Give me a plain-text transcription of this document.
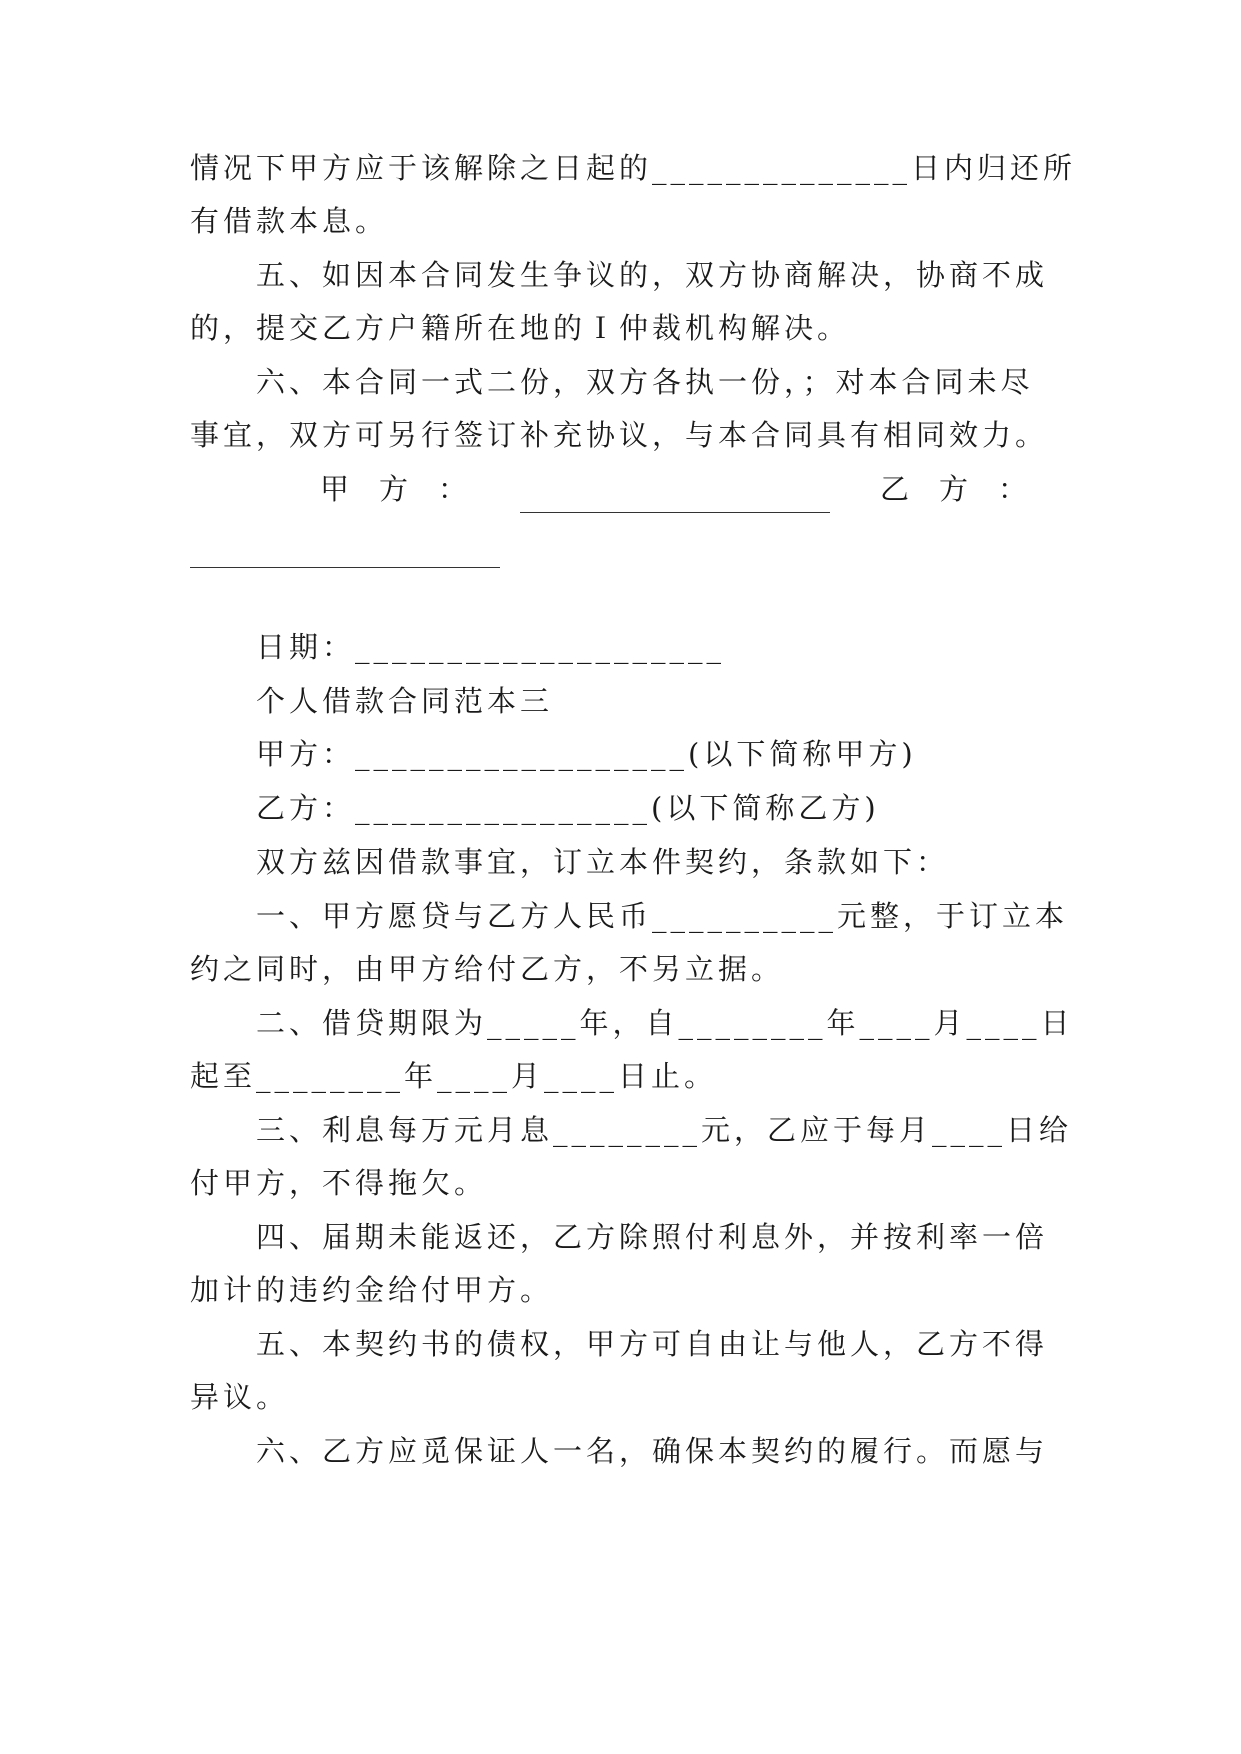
情况下甲方应于该解除之日起的______________日内归还所
有借款本息。
五、如因本合同发生争议的，双方协商解决，协商不成
的，提交乙方户籍所在地的Ｉ仲裁机构解决。
六、本合同一式二份，双方各执一份，；对本合同未尽
事宜，双方可另行签订补充协议，与本合同具有相同效力。
甲方：	乙方：
日期：____________________
个人借款合同范本三
甲方：__________________(以下简称甲方)
乙方：________________(以下简称乙方)
双方兹因借款事宜，订立本件契约，条款如下：
一、甲方愿贷与乙方人民币__________元整，于订立本
约之同时，由甲方给付乙方，不另立据。
二、借贷期限为_____年，自________年____月____日
起至________年____月____日止。
三、利息每万元月息________元，乙应于每月____日给
付甲方，不得拖欠。
四、届期未能返还，乙方除照付利息外，并按利率一倍
加计的违约金给付甲方。
五、本契约书的债权，甲方可自由让与他人，乙方不得
异议。
六、乙方应觅保证人一名，确保本契约的履行。而愿与
